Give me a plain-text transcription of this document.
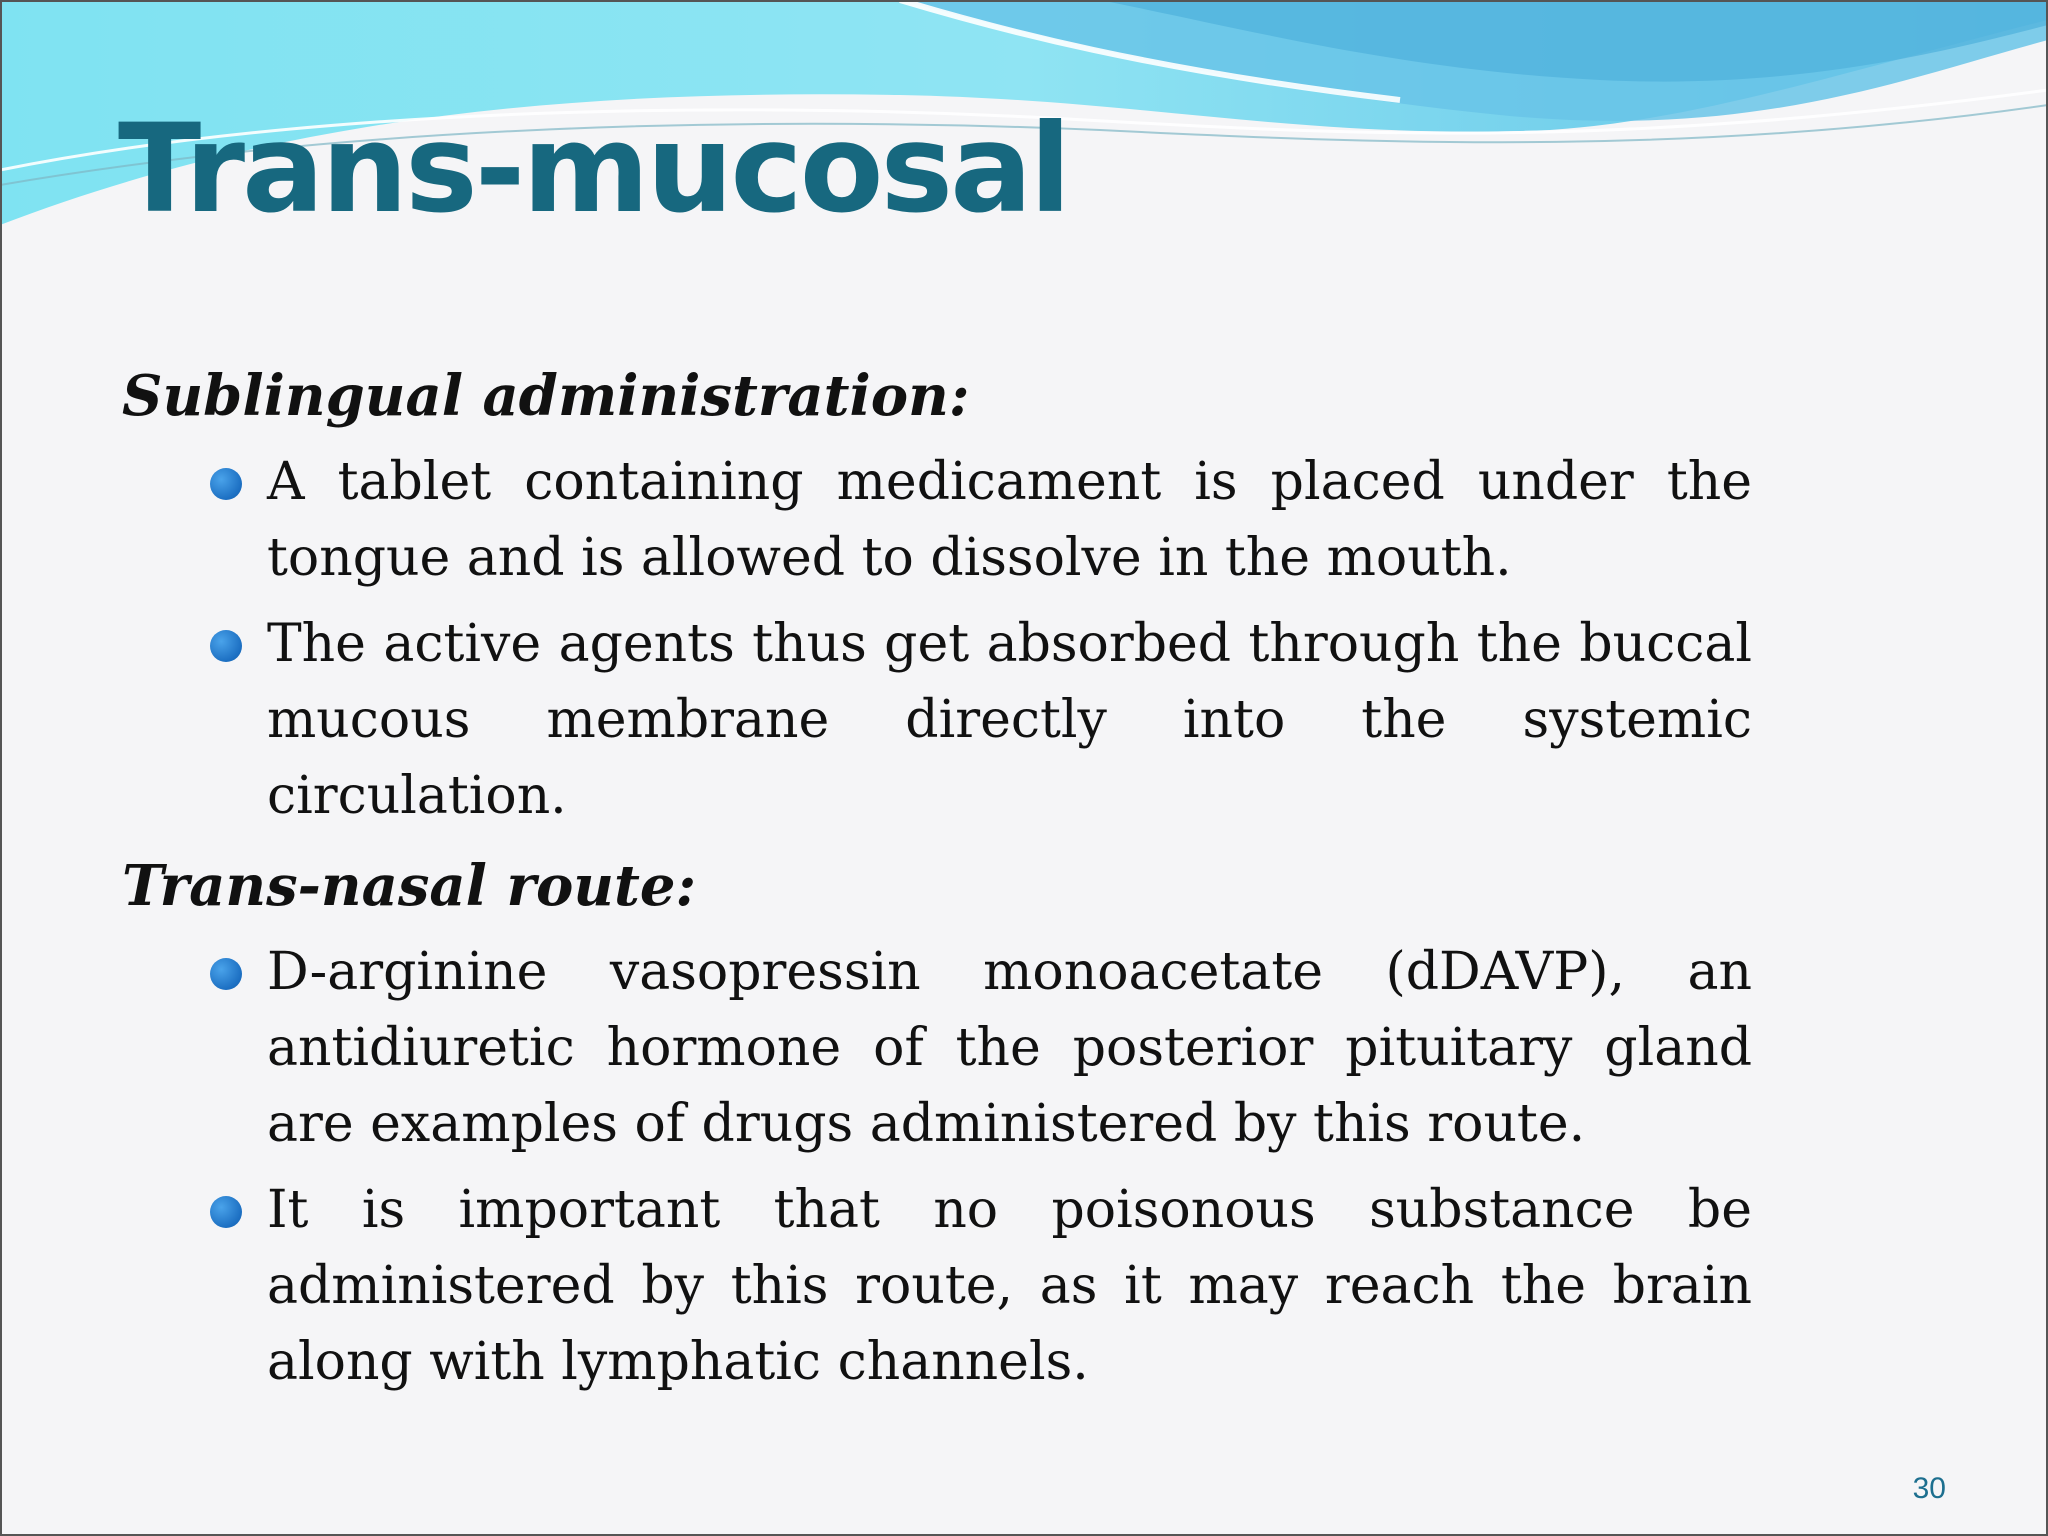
Trans-mucosal

Sublingual administration:

A tablet containing medicament is placed under the tongue and is allowed to dissolve in the mouth.
The active agents thus get absorbed through the buccal mucous membrane directly into the systemic circulation.

Trans-nasal route:

D-arginine vasopressin monoacetate (dDAVP), an antidiuretic hormone of the posterior pituitary gland are examples of drugs administered by this route.
It is important that no poisonous substance be administered by this route, as it may reach the brain along with lymphatic channels.
30
